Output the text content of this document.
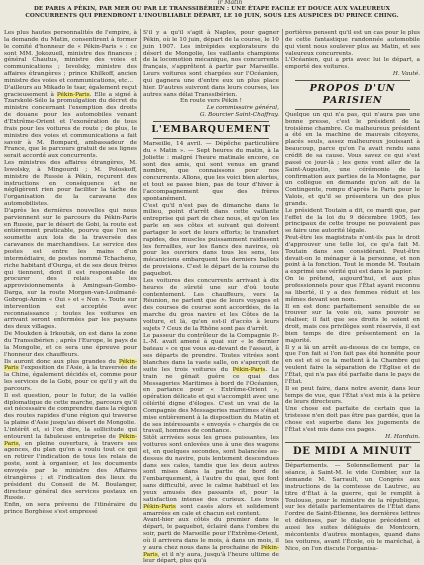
ir Matin
DE PARIS A PÉKIN, PAR MER OU PAR LE TRANSSIBÉRIEN : UNE ÉTAPE FACILE ET DOUCE AUX VALEUREUX
CONCURRENTS QUI PRENDRONT L'INOUBLIABLE DÉPART, LE 10 JUIN, SOUS LES AUSPICES DU PRINCE CHING.

Les plus hautes personnalités de l'empire, à la demande du Matin, consentirent à former le comité d'honneur de « Pékin-Paris » : ce sont MM. Jokozuell, ministre des finances ; général Chautus, ministre des voies et communications ; Ievolsky, ministre des affaires étrangères ; prince Khilkoff, ancien ministre des voies et communications, etc...

D'ailleurs au Mikado le tsar, également reçut gracieusement à Pékin-Paris. Elle a signé à Tzarskoïé-Sélo la promulgation du décret du ministre concernant l'exemption des droits de douane pour les automobiles venant d'Extrême-Orient et l'exonération de tous frais pour les voitures de route ; de plus, le ministre des voies et communications a fait savoir à M. Bompard, ambassadeur de France, que le parcours gratuit de ses lignes serait accordé aux concurrents.

Les ministres des affaires étrangères, M. Iswolsky, à Mingourdi ; M. Poloskoff, ministre de Russie à Pékin, reçurent des instructions en conséquence et ne négligèrent rien pour faciliter la tâche de l'organisation de la caravane des automobilistes.

D'après les dernières nouvelles qui nous parviennent sur le parcours du Pékin-Paris en Russie, par le désert de Gobi, la route est entièrement praticable, pourvu que l'on se soumette aux lois de la traversée des caravanes de marchandises. Le service des postes est entre les mains d'un intermédiaire, de postes nommé Tchacheno, riche habitant d'Ourga, et de ses deux frères qui tiennent, dont il est responsable de procurer des relais et les approvisionnements à Amingsan-Gombo-Darga, sur la route Morgen-van-Loulmané-Gobrogi-Amim « Oui » et « Non ». Toute sur intervention est acceptée avec reconnaissance ; toutes les voitures en arrivant seront enfermées par les paysans des deux villages.

De Moukden à Irkoutsk, on est dans la zone du Transsibérien ; après l'Europe, le pays de la Mongolie, et ce sera une épreuve pour l'honneur des chauffeurs.

Ils auront donc aux plus grandes du Pékin-Paris l'exposition de l'Asie, à la traversée de la Chine, également décidés et, comme pour les services de la Gobi, pour ce qu'il y ait du parcours.

Il est question, pour le futur, de la vallée diplomatique de cette marche, parcours qu'il est nécessaire de comprendre dans la région des routes rapides d'une région qui traverse la plaine d'Asie jusqu'au désert de Mongolie.

L'intérêt et, si l'on dire, la sollicitude qui entourent la fabuleuse entreprise de Pékin-Paris, en pleine ouverture, à travers ses agences, du plan qu'on a voulu tout ce qui en retirer l'indication de tous les relais de poste, sont à organiser, et les documents envoyés par le ministre des Affaires étrangères ; et l'indication des lieux du président du Conseil de M. Boulanger, directeur général des services postaux en Russie.

Enfin, on sera prévenu de l'itinéraire du prince Borghèse s'est empressé

S'il y a qu'il s'agit à Naples, pour gagner Pékin, où le 10 juin, départ de la course, le 10 juin 1907. Les intrépides explorateurs du désert de Mongolie, les vaillants champions de la locomotion mécanique, nos concurrents français, s'apprêtent à partir par Marseille. Leurs voitures sont chargées sur l'Océanien, qui gagnera une d'entre eux un plus place hier. D'autres suivront dans leurs courses, les autres sans délai Transsibérien.

En route vers Pékin !

Le commissaire général,

G. Bourcier Saint-Chaffray.

L'EMBARQUEMENT

Marseille, 14 avril. — Dépêche particulière du « Matin ». — Sept heures du matin, à la Joliette : malgré l'heure matinale encore, ce sont des amis, qui sont venus en grand nombre, que connaissons pour nos concurrents. Allons, que les voici bien alertes, et tout se passe bien, pas de tour d'hiver à l'accompagnement que des frères spontanément.

C'est qu'il n'est pas de dimanche dans le milieu, point d'arrêt dans cette vaillante entreprise qui part de chez nous, et qu'on les parle en ses côtes et suivant qui doivent partager le sort de leurs efforts; le transfert rapides, des muscles puissamment raidissent les ferrailles, sur les flancs des navires, où pour les ouvriers dans tous les sens, les mécaniciens embarquent les derniers ballots de provisions. C'est le départ de la course du paquebot.

Les voitures des concurrents arrivant à dix heures de sûreté une sur d'où toute contentement. Les chauffeurs, vers la Réunion, ne parlent que de leurs voyages et des courses de course sont accordées, de la marche du gros navire et les Côtes de la voiture, et là, qu'en est-il d'accès à leurs sujets ? Ceux de la Rhône sont pas d'arrêt.

Le passeur du contrôleur de la Compagnie P.-L.-M. avait amené à quai sur « le dernier bateau » ce que vous au-devant de l'assaut, à ses départs de prendre. Toutes vitrées sont blanches dans la vaste salle, on s'aperçoit de suite les trois voitures du Pékin-Paris. Le train ne gênait guère ce quai des Messageries Maritimes à bord de l'Océanien, en partance pour « Extrême-Orient », opération délicate et qui s'accomplit avec une célérité digne d'éloges. C'est un vrai de la Compagnie des Messageries maritimes s'était mise entièrement à la disposition du Matin et de ses intéressants « envoyés » chargés de ce travail, hommes de confiance.

Sitôt arrivées sous les grues puissantes, les voitures sont enlevées une à une des wagons et, en quelques secondes, sont balancées au-dessus du navire, puis lentement descendues dans ses cales, tandis que les deux autres sont mises dans la partie de bord de l'embarquement, à l'autre du quai, que font sans difficulté, avec le calme habituel et les yeux amusés des passants et, pour la satisfaction intense des curieux. Les trois Pékin-Paris sont casés alors et solidement amarrées en cale et chacun est content.

Avant-hier aux côtés du premier dans le départ, le paquebot, éclairé dans l'ombre du soir, parti de Marseille pour l'Extrême-Orient, où il arrivera dans le mois, à dans un mois, il y aura chez nous dans la prochaine de Pékin-Paris, et il n'y aura, jusqu'à l'heure ultime de leur départ, plus qu'à

portières pensent qu'il est un cas pour le plus de cette fantastique randonnée automobile qui vient nous soulever plus au Matin, et ses valeureux concurrents.

L'Océanien, qui a pris avec lui le départ, a emporté des voitures.

H. Vauté.

PROPOS D'UN PARISIEN

Quelque un qui n'a pas, qui n'aura pas une bonne presse, c'est le président de la troisième chambre. Ce malheureux président a été en la machine de mauvais citoyens, placés seuls, assez malheureux jouissant à beaucoup, parce qu'on l'a avait rendu sans crédit de sa cause. Vous savez ce qui s'est passé ce jour-là ; les gens vont aller de la Saint-Augustin, une cérémonie de la confirmation aux parties de la Montagne, par un collègue en demande qu'on ait de la Contingente, rompu d'après le Paris pour le Valois, et qu'il se présentera un des plus grands.

Le président Toutain a dit, ce mardi que, par l'effet de la loi du 9 décembre 1905, les principaux de cette troupe ne pouvaient pas se faire une autorité légale.

Peut-être les magistrats n'ont-ils pas le droit d'approuver une telle loi, ce qu'a fait M. Toutain dans son considérant. Peut-être devait-on le ménager à la personne, et non point à la fonction. Tout le monde M. Toutain a exprimé une vérité qui est dans le papier.

On le prétend, aujourd'hui, et aux plus professionnels pour que l'État ayant reconnu sa liberté, il y a des femmes réduit et les mêmes devant son nom.

Il en est donc parfaitement sensible de se trouver sur la voie où, sans pouvoir se réaliser, il fait que ses droits le soient en droit, mais ces privilèges sont réservés, il est bien temps de dire présentement en la majorité.

Il y a là un arrêt au-dessus de ce temps, ce que l'on fait si l'on fait pas été honnête pour en est et si ce la mettent à la Chambre qui veulent faire la séparation de l'Église et de l'État, qui n'a pas été parfaite dans le pays de l'État.

Il se peut faire, dans notre avenir, dans leur temps de vue, que l'État s'est mis à la prière de leurs directeurs.

Une chose est parfaite de certain que la tristesse n'en doit pas être pas gardée, que la chose est superbe dans les jugements de l'État s'est mis dans ces pages.

H. Harduin.

DE MIDI A MINUIT

Départements. — Solennellement par la séance, à Saint-M. le vide Combier, sur la demande M. Sarrault, un Congrès aux instructions de la comtesse de Lautrec, au titre d'État à la guerre, qui le remplit à Toulouse, pour le ministre de la république, sur les détails parlementaires de l'État dans l'ordre de Saint-Étienne, les dernières lettres et défenses, par le dialogue précédent et aussi les suites délégués de Montcorn, mécontents d'autres montages, quand dans les voitures, avant l'École, où le maréchal, à Nice, on l'on discute l'organisa-
